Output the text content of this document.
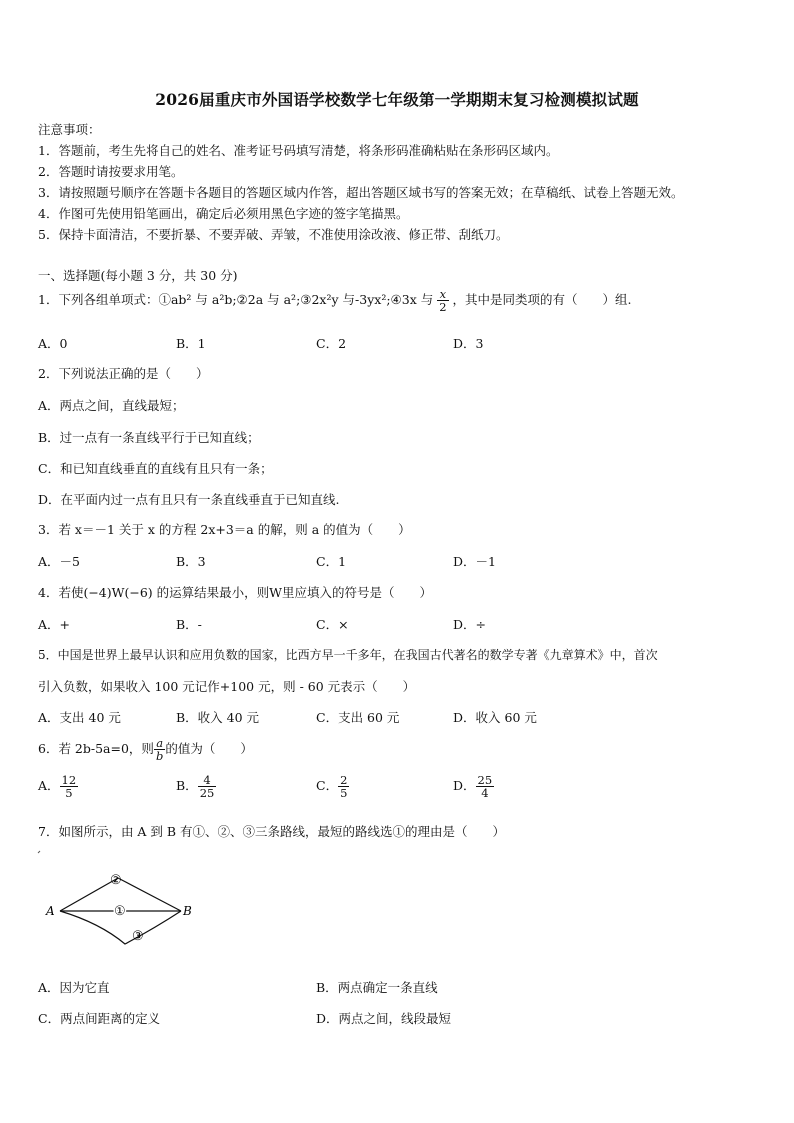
2026届重庆市外国语学校数学七年级第一学期期末复习检测模拟试题
注意事项：
1．答题前，考生先将自己的姓名、准考证号码填写清楚，将条形码准确粘贴在条形码区域内。
2．答题时请按要求用笔。
3．请按照题号顺序在答题卡各题目的答题区域内作答，超出答题区域书写的答案无效；在草稿纸、试卷上答题无效。
4．作图可先使用铅笔画出，确定后必须用黑色字迹的签字笔描黑。
5．保持卡面清洁，不要折暴、不要弄破、弄皱，不准使用涂改液、修正带、刮纸刀。
一、选择题(每小题 3 分，共 30 分)
1．下列各组单项式：①ab² 与 a²b;②2a 与 a²;③2x²y 与-3yx²;④3x 与 $\frac{x}{2}$ ，其中是同类项的有（　　）组.
A．0	B．1	C．2	D．3
2．下列说法正确的是（　　）
A．两点之间，直线最短；
B．过一点有一条直线平行于已知直线；
C．和已知直线垂直的直线有且只有一条；
D．在平面内过一点有且只有一条直线垂直于已知直线.
3．若 x＝－1 关于 x 的方程 2x+3＝a 的解，则 a 的值为（　　）
A．－5	B．3	C．1	D．－1
4．若使(−4)W(−6) 的运算结果最小，则W里应填入的符号是（　　）
A．+	B．-	C．×	D．÷
5．中国是世界上最早认识和应用负数的国家，比西方早一千多年，在我国古代著名的数学专著《九章算术》中，首次
引入负数，如果收入 100 元记作+100 元，则 - 60 元表示（　　）
A．支出 40 元	B．收入 40 元	C．支出 60 元	D．收入 60 元
6．若 2b-5a=0，则 $\frac{a}{b}$ 的值为（　　）
A． $\frac{12}{5}$	B． $\frac{4}{25}$	C． $\frac{2}{5}$	D． $\frac{25}{4}$
7．如图所示，由 A 到 B 有①、②、③三条路线，最短的路线选①的理由是（　　）
A	B
②
①
③
A．因为它直	B．两点确定一条直线
C．两点间距离的定义	D．两点之间，线段最短
